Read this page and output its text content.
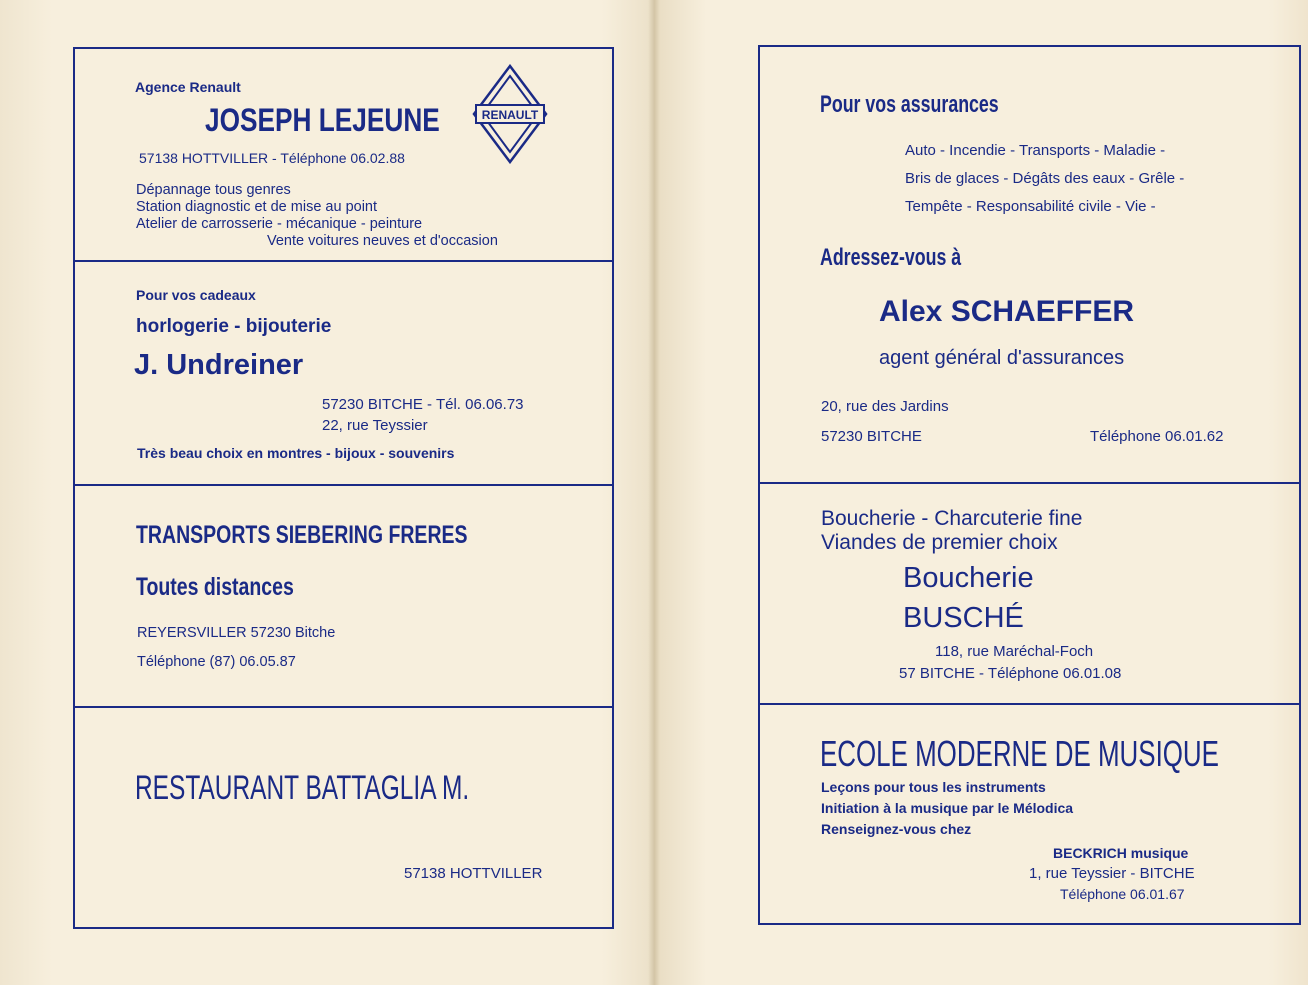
Agence Renault
JOSEPH LEJEUNE	RENAULT
57138 HOTTVILLER - Téléphone 06.02.88
Dépannage tous genres
Station diagnostic et de mise au point
Atelier de carrosserie - mécanique - peinture
Vente voitures neuves et d'occasion
Pour vos cadeaux
horlogerie - bijouterie
J. Undreiner
57230 BITCHE - Tél. 06.06.73
22, rue Teyssier
Très beau choix en montres - bijoux - souvenirs
TRANSPORTS SIEBERING FRERES
Toutes distances
REYERSVILLER 57230 Bitche
Téléphone (87) 06.05.87
RESTAURANT BATTAGLIA M.
57138 HOTTVILLER
Pour vos assurances
Auto - Incendie - Transports - Maladie -
Bris de glaces - Dégâts des eaux - Grêle -
Tempête - Responsabilité civile - Vie -
Adressez-vous à
Alex SCHAEFFER
agent général d'assurances
20, rue des Jardins
57230 BITCHE	Téléphone 06.01.62
Boucherie - Charcuterie fine
Viandes de premier choix
Boucherie
BUSCHÉ
118, rue Maréchal-Foch
57 BITCHE - Téléphone 06.01.08
ECOLE MODERNE DE MUSIQUE
Leçons pour tous les instruments
Initiation à la musique par le Mélodica
Renseignez-vous chez
BECKRICH musique
1, rue Teyssier - BITCHE
Téléphone 06.01.67
